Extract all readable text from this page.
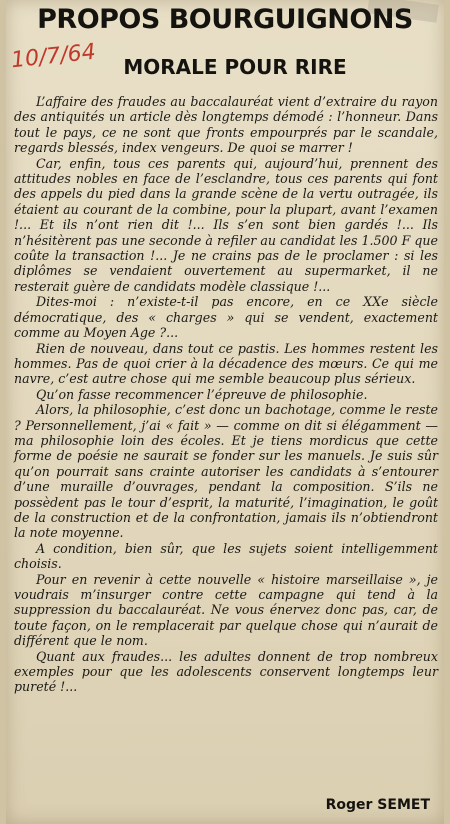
PROPOS BOURGUIGNONS
10/7/64	MORALE POUR RIRE

L’affaire des fraudes au baccalauréat vient d’extraire du rayon des antiquités un article dès longtemps démodé : l’honneur. Dans tout le pays, ce ne sont que fronts empourprés par le scandale, regards blessés, index vengeurs. De quoi se marrer !

Car, enfin, tous ces parents qui, aujourd’hui, prennent des attitudes nobles en face de l’esclandre, tous ces parents qui font des appels du pied dans la grande scène de la vertu outragée, ils étaient au courant de la combine, pour la plupart, avant l’examen !... Et ils n’ont rien dit !... Ils s’en sont bien gardés !... Ils n’hésitèrent pas une seconde à refiler au candidat les 1.500 F que coûte la transaction !... Je ne crains pas de le proclamer : si les diplômes se vendaient ouvertement au supermarket, il ne resterait guère de candidats modèle classique !...

Dites-moi : n’existe-t-il pas encore, en ce XXe siècle démocratique, des « charges » qui se vendent, exactement comme au Moyen Age ?...

Rien de nouveau, dans tout ce pastis. Les hommes restent les hommes. Pas de quoi crier à la décadence des mœurs. Ce qui me navre, c’est autre chose qui me semble beaucoup plus sérieux.

Qu’on fasse recommencer l’épreuve de philosophie.

Alors, la philosophie, c’est donc un bachotage, comme le reste ? Personnellement, j’ai « fait » — comme on dit si élégamment — ma philosophie loin des écoles. Et je tiens mordicus que cette forme de poésie ne saurait se fonder sur les manuels. Je suis sûr qu’on pourrait sans crainte autoriser les candidats à s’entourer d’une muraille d’ouvrages, pendant la composition. S’ils ne possèdent pas le tour d’esprit, la maturité, l’imagination, le goût de la construction et de la confrontation, jamais ils n’obtiendront la note moyenne.

A condition, bien sûr, que les sujets soient intelligemment choisis.

Pour en revenir à cette nouvelle « histoire marseillaise », je voudrais m’insurger contre cette campagne qui tend à la suppression du baccalauréat. Ne vous énervez donc pas, car, de toute façon, on le remplacerait par quelque chose qui n’aurait de différent que le nom.

Quant aux fraudes... les adultes donnent de trop nombreux exemples pour que les adolescents conservent longtemps leur pureté !...

Roger SEMET
